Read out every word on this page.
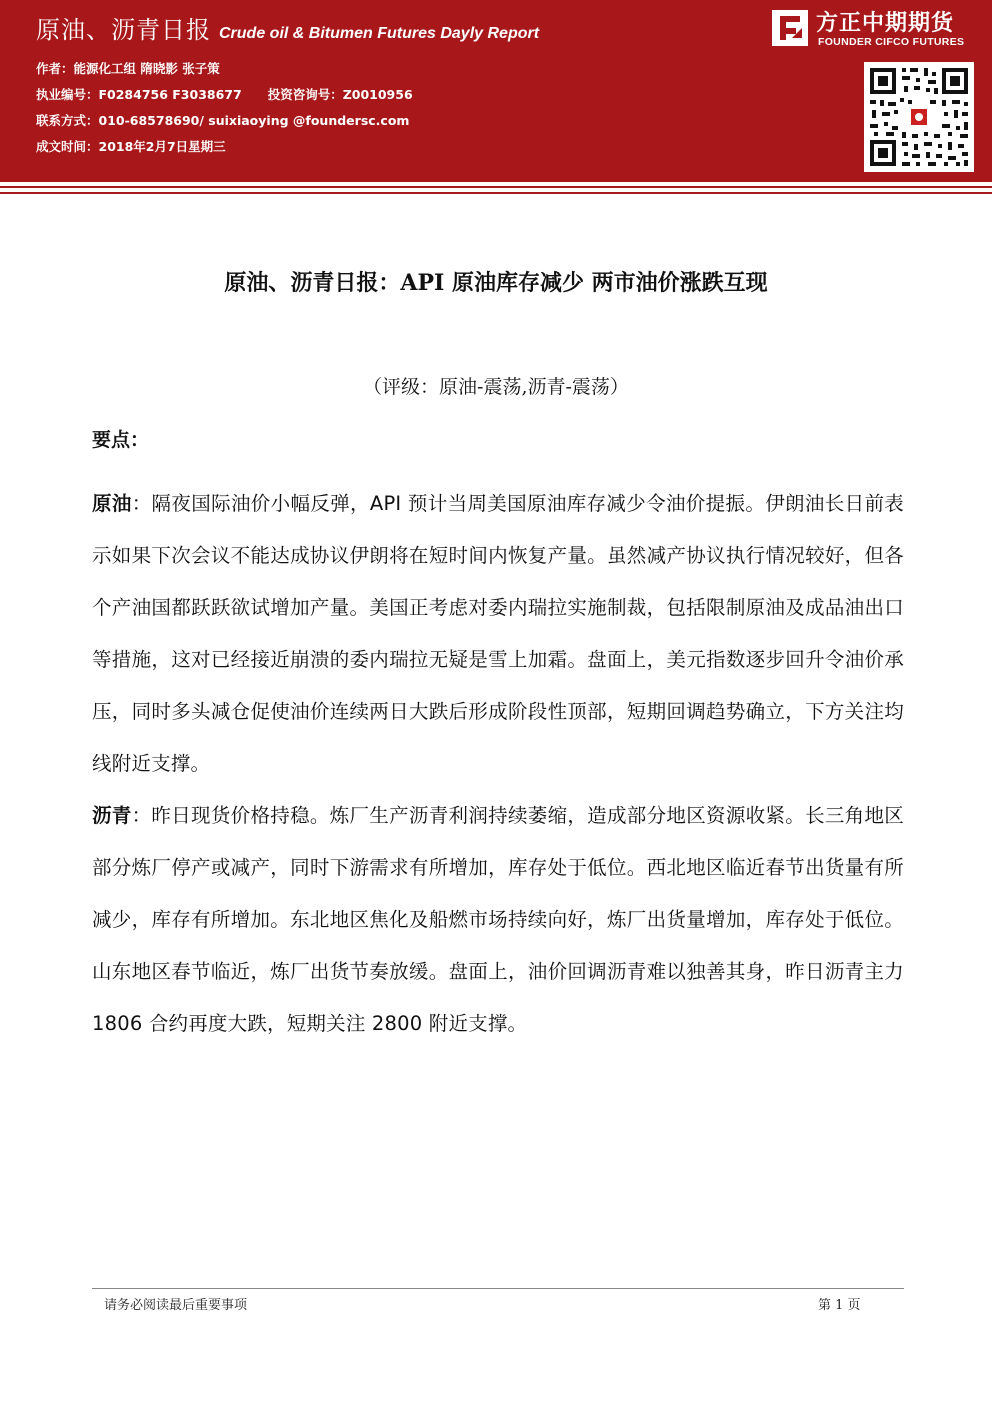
原油、沥青日报 Crude oil & Bitumen Futures Dayly Report
作者：能源化工组 隋晓影 张子策
执业编号：F0284756 F3038677 投资咨询号：Z0010956
联系方式：010-68578690/ suixiaoying @foundersc.com
成文时间：2018年2月7日星期三
方正中期期货
FOUNDER CIFCO FUTURES
原油、沥青日报：API 原油库存减少 两市油价涨跌互现
（评级：原油-震荡,沥青-震荡）
要点：
原油：隔夜国际油价小幅反弹，API 预计当周美国原油库存减少令油价提振。伊朗油长日前表示如果下次会议不能达成协议伊朗将在短时间内恢复产量。虽然减产协议执行情况较好，但各个产油国都跃跃欲试增加产量。美国正考虑对委内瑞拉实施制裁，包括限制原油及成品油出口等措施，这对已经接近崩溃的委内瑞拉无疑是雪上加霜。盘面上，美元指数逐步回升令油价承压，同时多头减仓促使油价连续两日大跌后形成阶段性顶部，短期回调趋势确立，下方关注均线附近支撑。
沥青：昨日现货价格持稳。炼厂生产沥青利润持续萎缩，造成部分地区资源收紧。长三角地区部分炼厂停产或减产，同时下游需求有所增加，库存处于低位。西北地区临近春节出货量有所减少，库存有所增加。东北地区焦化及船燃市场持续向好，炼厂出货量增加，库存处于低位。山东地区春节临近，炼厂出货节奏放缓。盘面上，油价回调沥青难以独善其身，昨日沥青主力 1806 合约再度大跌，短期关注 2800 附近支撑。
请务必阅读最后重要事项	第 1 页
